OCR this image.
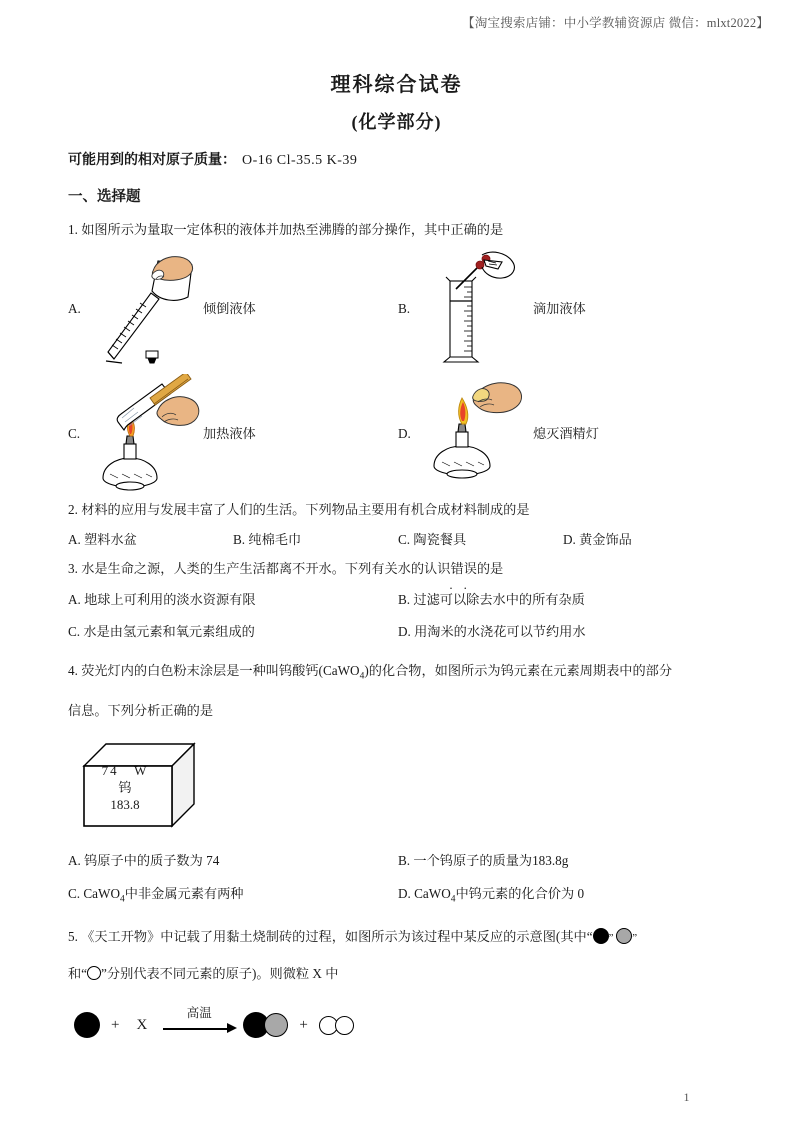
【淘宝搜索店铺：中小学教辅资源店 微信：mlxt2022】
理科综合试卷
(化学部分)

可能用到的相对原子质量： O-16 Cl-35.5 K-39

一、选择题

1. 如图所示为量取一定体积的液体并加热至沸腾的部分操作，其中正确的是

A.	倾倒液体	B.	滴加液体
C.	加热液体	D.	熄灭酒精灯

2. 材料的应用与发展丰富了人们的生活。下列物品主要用有机合成材料制成的是

A. 塑料水盆	B. 纯棉毛巾	C. 陶瓷餐具	D. 黄金饰品

3. 水是生命之源，人类的生产生活都离不开水。下列有关水的认识错误 ..的是

A. 地球上可利用的淡水资源有限	B. 过滤可以除去水中的所有杂质
C. 水是由氢元素和氧元素组成的	D. 用淘米的水浇花可以节约用水

4. 荧光灯内的白色粉末涂层是一种叫钨酸钙(CaWO$_4$)的化合物，如图所示为钨元素在元素周期表中的部分

信息。下列分析正确的是

74 W
钨
183.8
A. 钨原子中的质子数为 74	B. 一个钨原子的质量为183.8g
C. CaWO$_4$中非金属元素有两种	D. CaWO$_4$中钨元素的化合价为 0

5. 《天工开物》中记载了用黏土烧制砖的过程，如图所示为该过程中某反应的示意图(其中“ ” ”

和“ ”分别代表不同元素的原子)。则微粒 X 中

+ X
高温
+
1
